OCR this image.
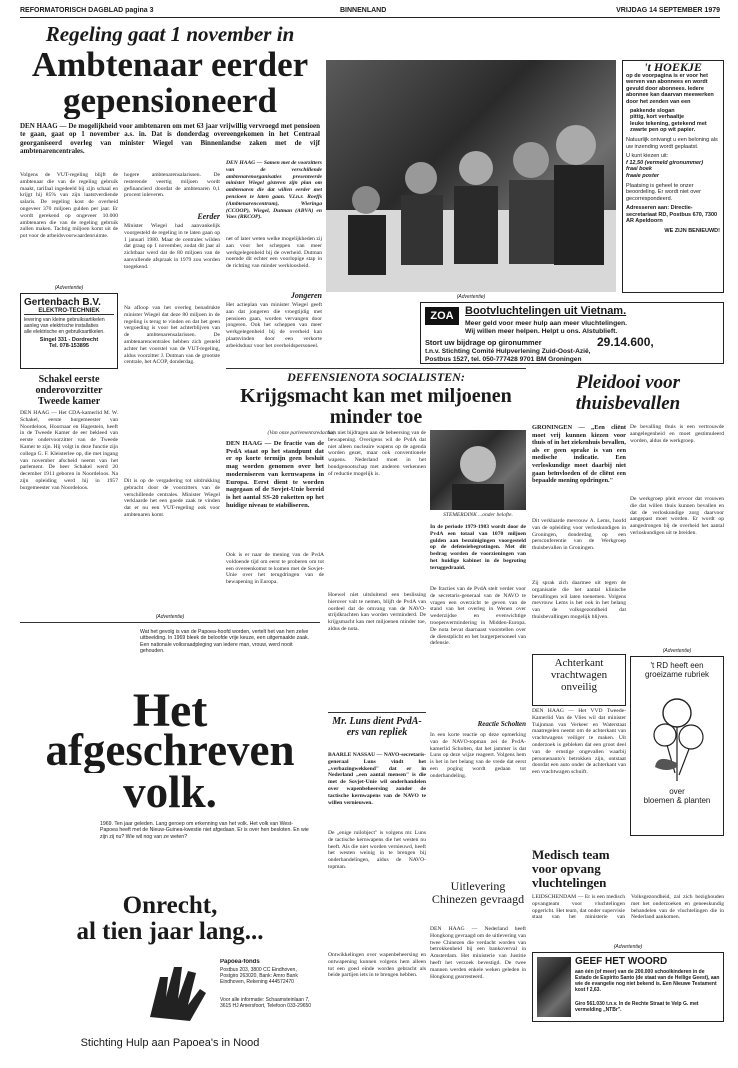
REFORMATORISCH DAGBLAD pagina 3	BINNENLAND	VRIJDAG 14 SEPTEMBER 1979
Regeling gaat 1 november in
Ambtenaar eerder gepensioneerd
DEN HAAG — De mogelijkheid voor ambtenaren om met 63 jaar vrijwillig vervroegd met pensioen te gaan, gaat op 1 november a.s. in. Dat is donderdag overeengekomen in het Centraal georganiseerd overleg van minister Wiegel van Binnenlandse zaken met de vijf ambtenarencentrales.
Volgens de VUT-regeling blijft de ambtenaar die van de regeling gebruik maakt, tarifaal ingedeeld bij zijn schaal en krijgt hij 85% van zijn laatstverdiende salaris. De regeling kost de overheid ongeveer 370 miljoen gulden per jaar. Er wordt gerekend op ongeveer 10.000 ambtenaren die van de regeling gebruik zullen maken. Tachtig miljoen komt uit de pot voor de arbeidsvoorwaardenruimte.
hogere ambtenarensalarissen. De resterende veertig miljoen wordt gefinancierd doordat de ambtenaren 0,1 procent inleveren.
Eerder
Minister Wiegel had aanvankelijk voorgesteld de regeling in te laten gaan op 1 januari 1980. Maar de centrales wilden dat graag op 1 november, zodat dit jaar al zichtbaar werd dat de 80 miljoen van de aanvullende afspraak in 1979 zou worden toegekend.
Na afloop van het overleg benadrukte minister Wiegel dat deze 80 miljoen in de regeling is terug te vinden en dat het geen vergoeding is voor het achterblijven van de ambtenarensalarissen. De ambtenarencentrales hebben zich gesteld achter het voorstel van de VUT-regeling, aldus voorzitter J. Dutman van de grootste centrale, het ACOP, donderdag.
Dit is op de vergadering tot uitdrukking gebracht door de voorzitters van de verschillende centrales. Minister Wiegel verklaarde het een goede zaak te vinden dat er nu een VUT-regeling ook voor ambtenaren komt.
DEN HAAG — Samen met de voorzitters van de verschillende ambtenarenorganisaties presenteerde minister Wiegel gisteren zijn plan om ambtenaren die dat willen eerder met pensioen te laten gaan. V.l.n.r. Roeffs (Ambtenarencentrum), Wieringa (CCOOP), Wiegel, Dutman (ABVA) en Vaes (RKCOP).
net of later weten welke mogelijkheden zij aan voor het scheppen van meer werkgelegenheid bij de overheid. Dutman noemde dit echter een voorlopige stap in de richting van minder werkloosheid.
Jongeren
Het actieplan van minister Wiegel geeft aan dat jongeren die vroegtijdig met pensioen gaan, worden vervangen door jongeren. Ook het scheppen van meer werkgelegenheid bij de overheid kan plaatsvinden door een verkorte arbeidsduur voor het overheidspersoneel.
(Advertentie)
Gertenbach B.V.
ELEKTRO-TECHNIEK
levering van kleine gebruiksartikelen
aanleg van elektrische installaties
alle elektrische en gebruiksartikelen.
Singel 331 - Dordrecht
Tel. 078-153895
Schakel eerste onderovorzitter Tweede kamer
DEN HAAG — Het CDA-kamerlid M. W. Schakel, eerste burgemeester van Noordeloos, Hoornaar en Hagestein, heeft in de Tweede Kamer de eer bekleed van eerste ondervoorzitter van de Tweede Kamer te zijn. Hij volgt in deze functie zijn collega G. F. Kleisterlee op, die met ingang van november afscheid neemt van het parlement. De heer Schakel werd 20 december 1911 geboren in Noordeloos. Na zijn opleiding werd hij in 1957 burgemeester van Noordeloos.
(Advertentie)
't HOEKJE
op de voorpagina is er voor het werven van abonnees en wordt gevuld door abonnees. Iedere abonnee kan daarvan meewerken door het zenden van een
pakkende slogan
pittig, kort verhaaltje
leuke tekening, getekend met zwarte pen op wit papier.
Natuurlijk ontvangt u een beloning als uw inzending wordt geplaatst.
U kunt kiezen uit:
f 12,50 (vermeld gironummer)
fraai boek
fraaie poster
Plaatsing is geheel te onzer beoordeling. Er wordt niet over gecorrespondeerd.
Adresseren aan: Directie-secretariaat RD, Postbus 670, 7300 AR Apeldoorn
WE ZIJN BENIEUWD!
ZOA	Bootvluchtelingen uit Vietnam.
Meer geld voor meer hulp aan meer vluchtelingen.
Wij willen meer helpen. Helpt u ons. Alstublieft.
Stort uw bijdrage op gironummer	29.14.600,
t.n.v. Stichting Comité Hulpverlening Zuid-Oost-Azië,
Postbus 1527, tel. 050-777428 9701 BM Groningen
DEFENSIENOTA SOCIALISTEN:
Krijgsmacht kan met miljoenen minder toe
(Van onze parlementsredactie)
DEN HAAG — De fractie van de PvdA staat op het standpunt dat er op korte termijn geen besluit mag worden genomen over het moderniseren van kernwapens in Europa. Eerst dient te worden nagegaan of de Sovjet-Unie bereid is het aantal SS-20 raketten op het huidige niveau te stabiliseren.
Ook is er naar de mening van de PvdA voldoende tijd om eerst te proberen om tot een overeenkomst te komen met de Sovjet-Unie over het terugdringen van de bewapening in Europa.
kan niet bijdragen aan de beheersing van de bewapening. Overigens wil de PvdA dat niet alleen nucleaire wapens op de agenda worden gezet, maar ook conventionele wapens. Nederland moet in het bondgenootschap met anderen verkennen of reductie mogelijk is.
Hoewel niet uitsluitend een beslissing hierover valt te nemen, blijft de PvdA van oordeel dat de omvang van de NAVO-strijdkrachten kan worden verminderd. De krijgsmacht kan met miljoenen minder toe, aldus de nota.
STEMERDINK ...onder belofte.
In de periode 1979-1983 wordt door de PvdA een totaal van 1070 miljoen gulden aan bezuinigingen voorgesteld op de defensiebegrotingen. Met dit bedrag worden de voorzieningen van het huidige kabinet in de begroting teruggedraaid.
De fracties van de PvdA stelt verder voor de secretaris-generaal van de NAVO te vragen een overzicht te geven van de stand van het overleg in Wenen over wederzijdse en evenwichtige troepenvermindering in Midden-Europa. De nota bevat daarnaast voorstellen over de dienstplicht en het burgerpersoneel van defensie.
Mr. Luns dient PvdA-ers van repliek
BAARLE NASSAU — NAVO-secretaris-generaal Luns vindt het „verbazingwekkend" dat er in Nederland „een aantal mensen" is die met de Sovjet-Unie wil onderhandelen over wapenbeheersing zonder de tactische kernwapens van de NAVO te willen vernieuwen.
De „enige ruilobject" is volgens mr. Luns de tactische kernwapens die het westen nu heeft. Als die niet worden vernieuwd, heeft het westen weinig in te brengen bij onderhandelingen, aldus de NAVO-topman.
Ontwikkelingen over wapenbeheersing en ontwapening kunnen volgens hem alleen tot een goed einde worden gebracht als beide partijen iets in te brengen hebben.
Reactie Scholten
In een korte reactie op deze opmerking van de NAVO-topman zei de PvdA-kamerlid Scholten, dat het jammer is dat Luns op deze wijze reageert. Volgens hem is het in het belang van de vrede dat eerst een poging wordt gedaan tot onderhandeling.
Uitlevering Chinezen gevraagd
DEN HAAG — Nederland heeft Hongkong gevraagd om de uitlevering van twee Chinezen die verdacht worden van betrokkenheid bij een bankoverval in Amsterdam. Het ministerie van Justitie heeft het verzoek bevestigd. De twee mannen werden enkele weken geleden in Hongkong gearresteerd.
Pleidooi voor thuisbevallen
GRONINGEN — „Een cliënt moet vrij kunnen kiezen voor thuis of in het ziekenhuis bevallen, als er geen sprake is van een medische indicatie. Een verloskundige moet daarbij niet gaan beïnvloeden of de cliënt een bepaalde mening opdringen."
Dit verklaarde mevrouw A. Lems, hoofd van de opleiding voor verloskundigen in Groningen, donderdag op een persconferentie van de Werkgroep thuisbevallen in Groningen.
Zij sprak zich daarmee uit tegen de organisatie die het aantal klinische bevallingen wil laten toenemen. Volgens mevrouw Lems is het ook in het belang van de volksgezondheid dat thuisbevallingen mogelijk blijven.
De bevalling thuis is een vertrouwde aangelegenheid en moet gestimuleerd worden, aldus de werkgroep.
De werkgroep pleit ervoor dat vrouwen die dat willen thuis kunnen bevallen en dat de verloskundige zorg daarvoor aangepast moet worden. Er wordt op aangedrongen bij de overheid het aantal verloskundigen uit te breiden.
Achterkant vrachtwagen onveilig
DEN HAAG — Het VVD Tweede-Kamerlid Van de Vlies wil dat minister Tuijnman van Verkeer en Waterstaat maatregelen neemt om de achterkant van vrachtwagens veiliger te maken. Uit onderzoek is gebleken dat een groot deel van de ernstige ongevallen waarbij personenauto's betrokken zijn, ontstaat doordat een auto onder de achterkant van een vrachtwagen schuift.
(Advertentie)
't RD heeft een
groeizame rubriek
over
bloemen & planten
Medisch team voor opvang vluchtelingen
LEIDSCHENDAM — Er is een medisch opvangteam voor vluchtelingen opgericht. Het team, dat onder supervisie staat van het ministerie van Volksgezondheid, zal zich bezighouden met het onderzoeken en geneeskundig behandelen van de vluchtelingen die in Nederland aankomen.
(Advertentie)
GEEF HET WOORD
aan één (of meer) van de 200.000 schoolkinderen in de Estado de Espírito Santo (de staat van de Heilige Geest), aan wie de evangelie nog niet bekend is. Een Nieuwe Testament kost f 2,63.
Giro 561.030 t.n.v. In de Rechte Straat te Velp G. met vermelding „NTBr".
(Advertentie)
Wat het gevolg is van de Papoea-hoofd worden, vertelt het van hen zelve uitbeelding. In 1969 bleek de beloofde vrije keuze, een uitgemaakte zaak. Een nationale volksraadpleging van iedere man, vrouw, werd nooit gehouden.
Het
afgeschreven
volk.
1969. Ten jaar geleden. Lang geroep om erkenning van het volk. Het volk van West-Papoea heeft met de Nieuw-Guinea-kwestie niet afgedaan. Er is over hen besloten. En wie zijn zij nu? Wie wil nog van ze weten?
Onrecht,
al tien jaar lang...
Papoea-fonds
Postbus 203, 3800 CC Eindhoven, Postgiro 263020, Bank: Amro Bank Eindhoven, Rekening 444572470
Voor alle informatie: Schaamsteinlaan 7, 3615 HJ Amersfoort, Telefoon 033-29650
Stichting Hulp aan Papoea's in Nood
